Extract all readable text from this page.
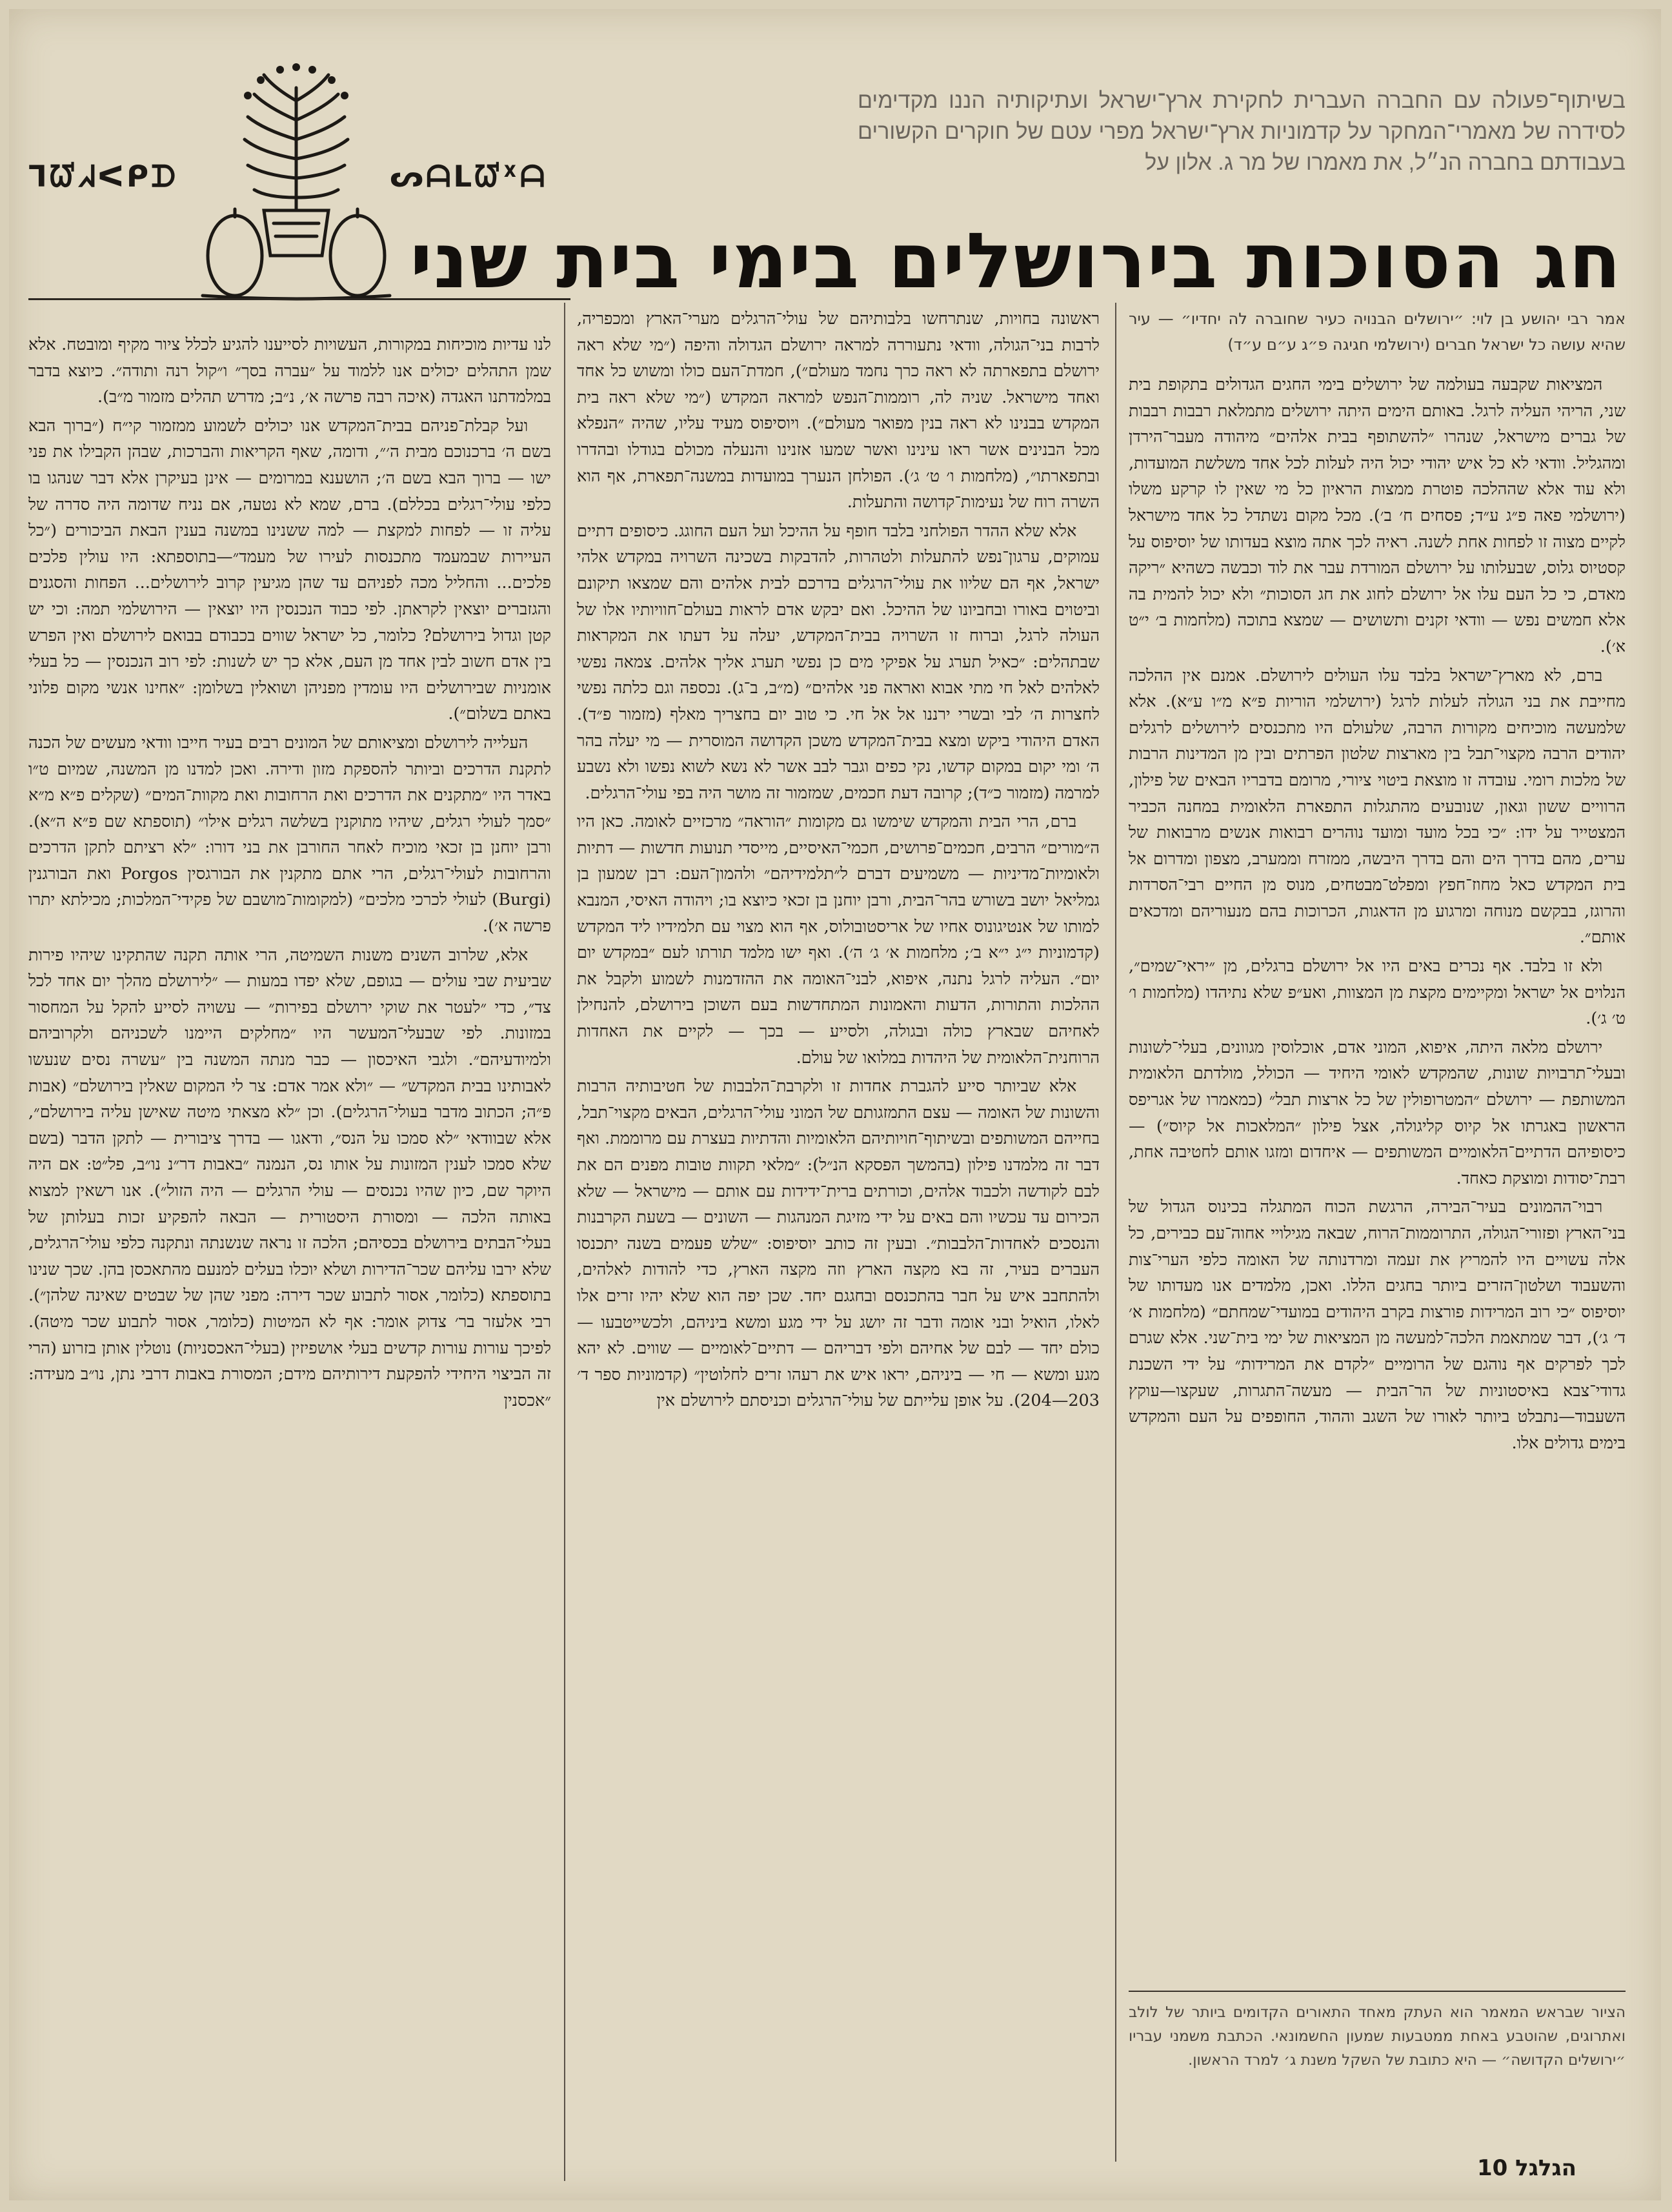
ᒣᘺᖽᐸᑭᗪ	ᔕᗩᒪᘺᕁᗩ
בשיתוף־פעולה עם החברה העברית לחקירת ארץ־ישראל ועתיקותיה הננו מקדימים לסידרה של מאמרי־המחקר על קדמוניות ארץ־ישראל מפרי עטם של חוקרים הקשורים בעבודתם בחברה הנ״ל, את מאמרו של מר ג. אלון על
חג הסוכות בירושלים בימי בית שני

אמר רבי יהושע בן לוי: ״ירושלים הבנויה כעיר שחוברה לה יחדיו״ — עיר שהיא עושה כל ישראל חברים (ירושלמי חגיגה פ״ג ע״ם ע״ד)

המציאות שקבעה בעולמה של ירושלים בימי החגים הגדולים בתקופת בית שני, הריהי העליה לרגל. באותם הימים היתה ירושלים מתמלאת רבבות רבבות של גברים מישראל, שנהרו ״להשתופף בבית אלהים״ מיהודה מעבר־הירדן ומהגליל. וודאי לא כל איש יהודי יכול היה לעלות לכל אחד משלשת המועדות, ולא עוד אלא שההלכה פוטרת ממצות הראיון כל מי שאין לו קרקע משלו (ירושלמי פאה פ״ג ע״ד; פסחים ח׳ ב׳). מכל מקום נשתדל כל אחד מישראל לקיים מצוה זו לפחות אחת לשנה. ראיה לכך אתה מוצא בעדותו של יוסיפוס על קסטיוס גלוס, שבעלותו על ירושלם המורדת עבר את לוד וכבשה כשהיא ״ריקה מאדם, כי כל העם עלו אל ירושלם לחוג את חג הסוכות״ ולא יכול להמית בה אלא חמשים נפש — וודאי זקנים ותשושים — שמצא בתוכה (מלחמות ב׳ י״ט א׳).

ברם, לא מארץ־ישראל בלבד עלו העולים לירושלם. אמנם אין ההלכה מחייבת את בני הגולה לעלות לרגל (ירושלמי הוריות פ״א מ״ו ע״א). אלא שלמעשה מוכיחים מקורות הרבה, שלעולם היו מתכנסים לירושלים לרגלים יהודים הרבה מקצוי־תבל בין מארצות שלטון הפרתים ובין מן המדינות הרבות של מלכות רומי. עובדה זו מוצאת ביטוי ציורי, מרומם בדבריו הבאים של פילון, הרוויים ששון וגאון, שנובעים מהתגלות התפארת הלאומית במחנה הכביר המצטייר על ידו: ״כי בכל מועד ומועד נוהרים רבואות אנשים מרבואות של ערים, מהם בדרך הים והם בדרך היבשה, ממזרח וממערב, מצפון ומדרום אל בית המקדש כאל מחוז־חפץ ומפלט־מבטחים, מנוס מן החיים רבי־הסרדות והרוגז, בבקשם מנוחה ומרגוע מן הדאגות, הכרוכות בהם מנעוריהם ומדכאים אותם״.

ולא זו בלבד. אף נכרים באים היו אל ירושלם ברגלים, מן ״יראי־שמים״, הנלוים אל ישראל ומקיימים מקצת מן המצוות, ואע״פ שלא נתיהדו (מלחמות ו׳ ט׳ ג׳).

ירושלם מלאה היתה, איפוא, המוני אדם, אוכלוסין מגוונים, בעלי־לשונות ובעלי־תרבויות שונות, שהמקדש לאומי היחיד — הכולל, מולדתם הלאומית המשותפת — ירושלם ״המטרופולין של כל ארצות תבל״ (כמאמרו של אגריפס הראשון באגרתו אל קיוס קליגולה, אצל פילון ״המלאכות אל קיוס״) — כיסופיהם הדתיים־הלאומיים המשותפים — איחדום ומזגו אותם לחטיבה אחת, רבת־יסודות ומוצקת כאחד.

רבוי־ההמונים בעיר־הבירה, הרגשת הכוח המתגלה בכינוס הגדול של בני־הארץ ופזורי־הגולה, התרוממות־הרוח, שבאה מגילויי אחוה־עם כבירים, כל אלה עשויים היו להמריץ את זעמה ומרדנותה של האומה כלפי הערי־צות והשעבוד ושלטון־הזרים ביותר בחגים הללו. ואכן, מלמדים אנו מעדותו של יוסיפוס ״כי רוב המרידות פורצות בקרב היהודים במועדי־שמחתם״ (מלחמות א׳ ד׳ ג׳), דבר שמתאמת הלכה־למעשה מן המציאות של ימי בית־שני. אלא שגרם לכך לפרקים אף נוהגם של הרומיים ״לקדם את המרידות״ על ידי השכנת גדודי־צבא באיסטוניות של הר־הבית — מעשה־התגרות, שעקצו—עוקץ השעבוד—נתבלט ביותר לאורו של השגב וההוד, החופפים על העם והמקדש בימים גדולים אלו.

ראשונה בחויות, שנתרחשו בלבותיהם של עולי־הרגלים מערי־הארץ ומכפריה, לרבות בני־הגולה, וודאי נתעוררה למראה ירושלם הגדולה והיפה (״מי שלא ראה ירושלם בתפארתה לא ראה כרך נחמד מעולם״), חמדת־העם כולו ומשוש כל אחד ואחד מישראל. שניה לה, רוממות־הנפש למראה המקדש (״מי שלא ראה בית המקדש בבנינו לא ראה בנין מפואר מעולם״). ויוסיפוס מעיד עליו, שהיה ״הנפלא מכל הבנינים אשר ראו עינינו ואשר שמעו אזנינו והנעלה מכולם בגודלו ובהדרו ובתפארתו״, (מלחמות ו׳ ט׳ ג׳). הפולחן הנערך במועדות במשנה־תפארת, אף הוא השרה רוח של נעימות־קדושה והתעלות.

אלא שלא ההדר הפולחני בלבד חופף על ההיכל ועל העם החוגג. כיסופים דתיים עמוקים, ערגון־נפש להתעלות ולטהרות, להדבקות בשכינה השרויה במקדש אלהי ישראל, אף הם שליוו את עולי־הרגלים בדרכם לבית אלהים והם שמצאו תיקונם וביטוים באורו ובחביונו של ההיכל. ואם יבקש אדם לראות בעולם־חוויותיו אלו של העולה לרגל, וברוח זו השרויה בבית־המקדש, יעלה על דעתו את המקראות שבתהלים: ״כאיל תערג על אפיקי מים כן נפשי תערג אליך אלהים. צמאה נפשי לאלהים לאל חי מתי אבוא ואראה פני אלהים״ (מ״ב, ב־ג). נכספה וגם כלתה נפשי לחצרות ה׳ לבי ובשרי ירננו אל אל חי. כי טוב יום בחצריך מאלף (מזמור פ״ד). האדם היהודי ביקש ומצא בבית־המקדש משכן הקדושה המוסרית — מי יעלה בהר ה׳ ומי יקום במקום קדשו, נקי כפים וגבר לבב אשר לא נשא לשוא נפשו ולא נשבע למרמה (מזמור כ״ד); קרובה דעת חכמים, שמזמור זה מושר היה בפי עולי־הרגלים.

ברם, הרי הבית והמקדש שימשו גם מקומות ״הוראה״ מרכזיים לאומה. כאן היו ה״מורים״ הרבים, חכמים־פרושים, חכמי־האיסיים, מייסדי תנועות חדשות — דתיות ולאומיות־מדיניות — משמיעים דברם ל״תלמידיהם״ ולהמון־העם: רבן שמעון בן גמליאל יושב בשורש בהר־הבית, ורבן יוחנן בן זכאי כיוצא בו; ויהודה האיסי, המנבא למותו של אנטיגונוס אחיו של אריסטובולוס, אף הוא מצוי עם תלמידיו ליד המקדש (קדמוניות י״ג י״א ב׳; מלחמות א׳ ג׳ ה׳). ואף ישו מלמד תורתו לעם ״במקדש יום יום״. העליה לרגל נתנה, איפוא, לבני־האומה את ההזדמנות לשמוע ולקבל את ההלכות והתורות, הדעות והאמונות המתחדשות בעם השוכן בירושלם, להנחילן לאחיהם שבארץ כולה ובגולה, ולסייע — בכך — לקיים את האחדות הרוחנית־הלאומית של היהדות במלואו של עולם.

אלא שביותר סייע להגברת אחדות זו ולקרבת־הלבבות של חטיבותיה הרבות והשונות של האומה — עצם התמזגותם של המוני עולי־הרגלים, הבאים מקצוי־תבל, בחייהם המשותפים ובשיתוף־חויותיהם הלאומיות והדתיות בעצרת עם מרוממת. ואף דבר זה מלמדנו פילון (בהמשך הפסקא הנ״ל): ״מלאי תקוות טובות מפנים הם את לבם לקודשה ולכבוד אלהים, וכורתים ברית־ידידות עם אותם — מישראל — שלא הכירום עד עכשיו והם באים על ידי מזיגת המנהגות — השונים — בשעת הקרבנות והנסכים לאחדות־הלבבות״. ובעין זה כותב יוסיפוס: ״שלש פעמים בשנה יתכנסו העברים בעיר, זה בא מקצה הארץ וזה מקצה הארץ, כדי להודות לאלהים, ולהתחבב איש על חבר בהתכנסם ובחגגם יחד. שכן יפה הוא שלא יהיו זרים אלו לאלו, הואיל ובני אומה ודבר זה יושג על ידי מגע ומשא ביניהם, ולכשייטבעו — כולם יחד — לבם של אחיהם ולפי דבריהם — דתיים־לאומיים — שווים. לא יהא מגע ומשא — חי — ביניהם, יראו איש את רעהו זרים לחלוטין״ (קדמוניות ספר ד׳ 203—204). על אופן עלייתם של עולי־הרגלים וכניסתם לירושלם אין

לנו עדיות מוכיחות במקורות, העשויות לסייענו להגיע לכלל ציור מקיף ומובטח. אלא שמן התהלים יכולים אנו ללמוד על ״עברה בסך״ ו״קול רנה ותודה״. כיוצא בדבר במלמדתנו האגדה (איכה רבה פרשה א׳, נ״ב; מדרש תהלים מזמור מ״ב).

ועל קבלת־פניהם בבית־המקדש אנו יכולים לשמוע ממזמור קי״ח (״ברוך הבא בשם ה׳ ברכנוכם מבית ה׳״, ודומה, שאף הקריאות והברכות, שבהן הקבילו את פני ישו — ברוך הבא בשם ה׳; הושענא במרומים — אינן בעיקרן אלא דבר שנהגו בו כלפי עולי־רגלים בכללם). ברם, שמא לא נטעה, אם נניח שדומה היה סדרה של עליה זו — לפחות למקצת — למה ששנינו במשנה בענין הבאת הביכורים (״כל העיירות שבמעמד מתכנסות לעירו של מעמד״—בתוספתא: היו עולין פלכים פלכים... והחליל מכה לפניהם עד שהן מגיעין קרוב לירושלים... הפחות והסגנים והגזברים יוצאין לקראתן. לפי כבוד הנכנסין היו יוצאין — הירושלמי תמה: וכי יש קטן וגדול בירושלם? כלומר, כל ישראל שווים בכבודם בבואם לירושלם ואין הפרש בין אדם חשוב לבין אחד מן העם, אלא כך יש לשנות: לפי רוב הנכנסין — כל בעלי אומניות שבירושלים היו עומדין מפניהן ושואלין בשלומן: ״אחינו אנשי מקום פלוני באתם בשלום״).

העלייה לירושלם ומציאותם של המונים רבים בעיר חייבו וודאי מעשים של הכנה לתקנת הדרכים וביותר להספקת מזון ודירה. ואכן למדנו מן המשנה, שמיום ט״ו באדר היו ״מתקנים את הדרכים ואת הרחובות ואת מקוות־המים״ (שקלים פ״א מ״א ״סמך לעולי רגלים, שיהיו מתוקנין בשלשה רגלים אילו״ (תוספתא שם פ״א ה״א). ורבן יוחנן בן זכאי מוכיח לאחר החורבן את בני דורו: ״לא רציתם לתקן הדרכים והרחובות לעולי־רגלים, הרי אתם מתקנין את הבורגסין Porgos ואת הבורגנין (Burgi) לעולי לכרכי מלכים״ (למקומות־מושבם של פקידי־המלכות; מכילתא יתרו פרשה א׳).

אלא, שלרוב השנים משנות השמיטה, הרי אותה תקנה שהתקינו שיהיו פירות שביעית שבי עולים — בגופם, שלא יפדו במעות — ״לירושלם מהלך יום אחד לכל צד״, כדי ״לעטר את שוקי ירושלם בפירות״ — עשויה לסייע להקל על המחסור במזונות. לפי שבעלי־המעשר היו ״מחלקים היימנו לשכניהם ולקרוביהם ולמיודעיהם״. ולגבי האיכסון — כבר מנתה המשנה בין ״עשרה נסים שנעשו לאבותינו בבית המקדש״ — ״ולא אמר אדם: צר לי המקום שאלין בירושלם״ (אבות פ״ה; הכתוב מדבר בעולי־הרגלים). וכן ״לא מצאתי מיטה שאישן עליה בירושלם״, אלא שבוודאי ״לא סמכו על הנס״, ודאגו — בדרך ציבורית — לתקן הדבר (בשם שלא סמכו לענין המזונות על אותו נס, הנמנה ״באבות דר״נ נו״ב, פל״ט: אם היה היוקר שם, כיון שהיו נכנסים — עולי הרגלים — היה הזול״). אנו רשאין למצוא באותה הלכה — ומסורת היסטורית — הבאה להפקיע זכות בעלותן של בעלי־הבתים בירושלם בכסיהם; הלכה זו נראה שנשנתה ונתקנה כלפי עולי־הרגלים, שלא ירבו עליהם שכר־הדירות ושלא יוכלו בעלים למנעם מהתאכסן בהן. שכך שנינו בתוספתא (כלומר, אסור לתבוע שכר דירה: מפני שהן של שבטים שאינה שלהן״). רבי אלעזר בר׳ צדוק אומר: אף לא המיטות (כלומר, אסור לתבוע שכר מיטה). לפיכך עורות עורות קדשים בעלי אושפיזין (בעלי־האכסניות) נוטלין אותן בזרוע (הרי זה הביצוי היחידי להפקעת דירותיהם מידם; המסורת באבות דרבי נתן, נו״ב מעידה: ״אכסנין

הציור שבראש המאמר הוא העתק מאחד התאורים הקדומים ביותר של לולב ואתרוגים, שהוטבע באחת ממטבעות שמעון החשמונאי. הכתבת משמני עבריו ״ירושלים הקדושה״ — היא כתובת של השקל משנת ג׳ למרד הראשון.
הגלגל 10
